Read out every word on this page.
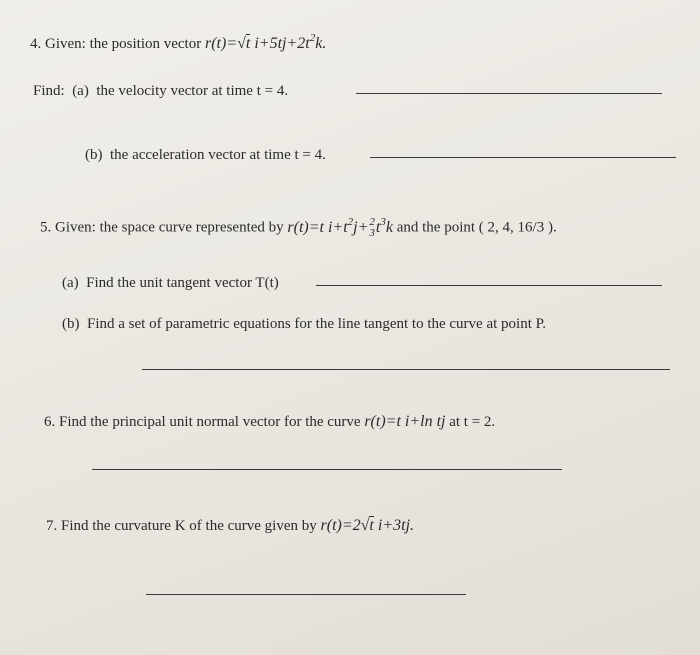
4. Given: the position vector r(t)=√t $i+5tj+2t^2k$.
Find: (a) the velocity vector at time t = 4.
(b) the acceleration vector at time t = 4.
5. Given: the space curve represented by r(t)=t $i+t^2j+ 2$
3 $t^3k$ and the point ( 2, 4, 16/3 ).
(a) Find the unit tangent vector T(t)
(b) Find a set of parametric equations for the line tangent to the curve at point P.
6. Find the principal unit normal vector for the curve r(t)=t i+ln tj at t = 2.
7. Find the curvature K of the curve given by r(t)=2√t i+3tj.
